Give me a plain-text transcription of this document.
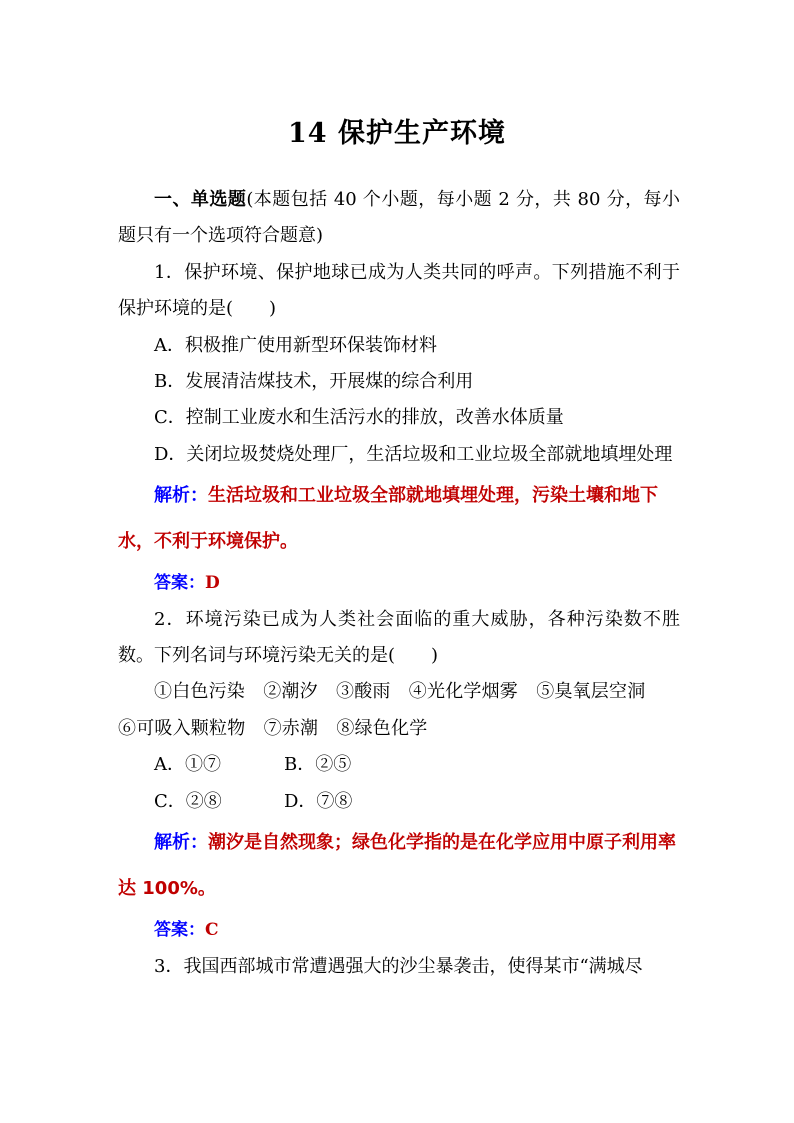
14 保护生产环境

一、单选题(本题包括 40 个小题，每小题 2 分，共 80 分，每小题只有一个选项符合题意)

1．保护环境、保护地球已成为人类共同的呼声。下列措施不利于保护环境的是(　　)

A．积极推广使用新型环保装饰材料

B．发展清洁煤技术，开展煤的综合利用

C．控制工业废水和生活污水的排放，改善水体质量

D．关闭垃圾焚烧处理厂，生活垃圾和工业垃圾全部就地填埋处理

解析：生活垃圾和工业垃圾全部就地填埋处理，污染土壤和地下水，不利于环境保护。

答案：D

2．环境污染已成为人类社会面临的重大威胁，各种污染数不胜数。下列名词与环境污染无关的是(　　)

①白色污染　②潮汐　③酸雨　④光化学烟雾　⑤臭氧层空洞　⑥可吸入颗粒物　⑦赤潮　⑧绿色化学

A．①⑦	B．②⑤

C．②⑧	D．⑦⑧

解析：潮汐是自然现象；绿色化学指的是在化学应用中原子利用率达 100%。

答案：C

3．我国西部城市常遭遇强大的沙尘暴袭击，使得某市“满城尽
